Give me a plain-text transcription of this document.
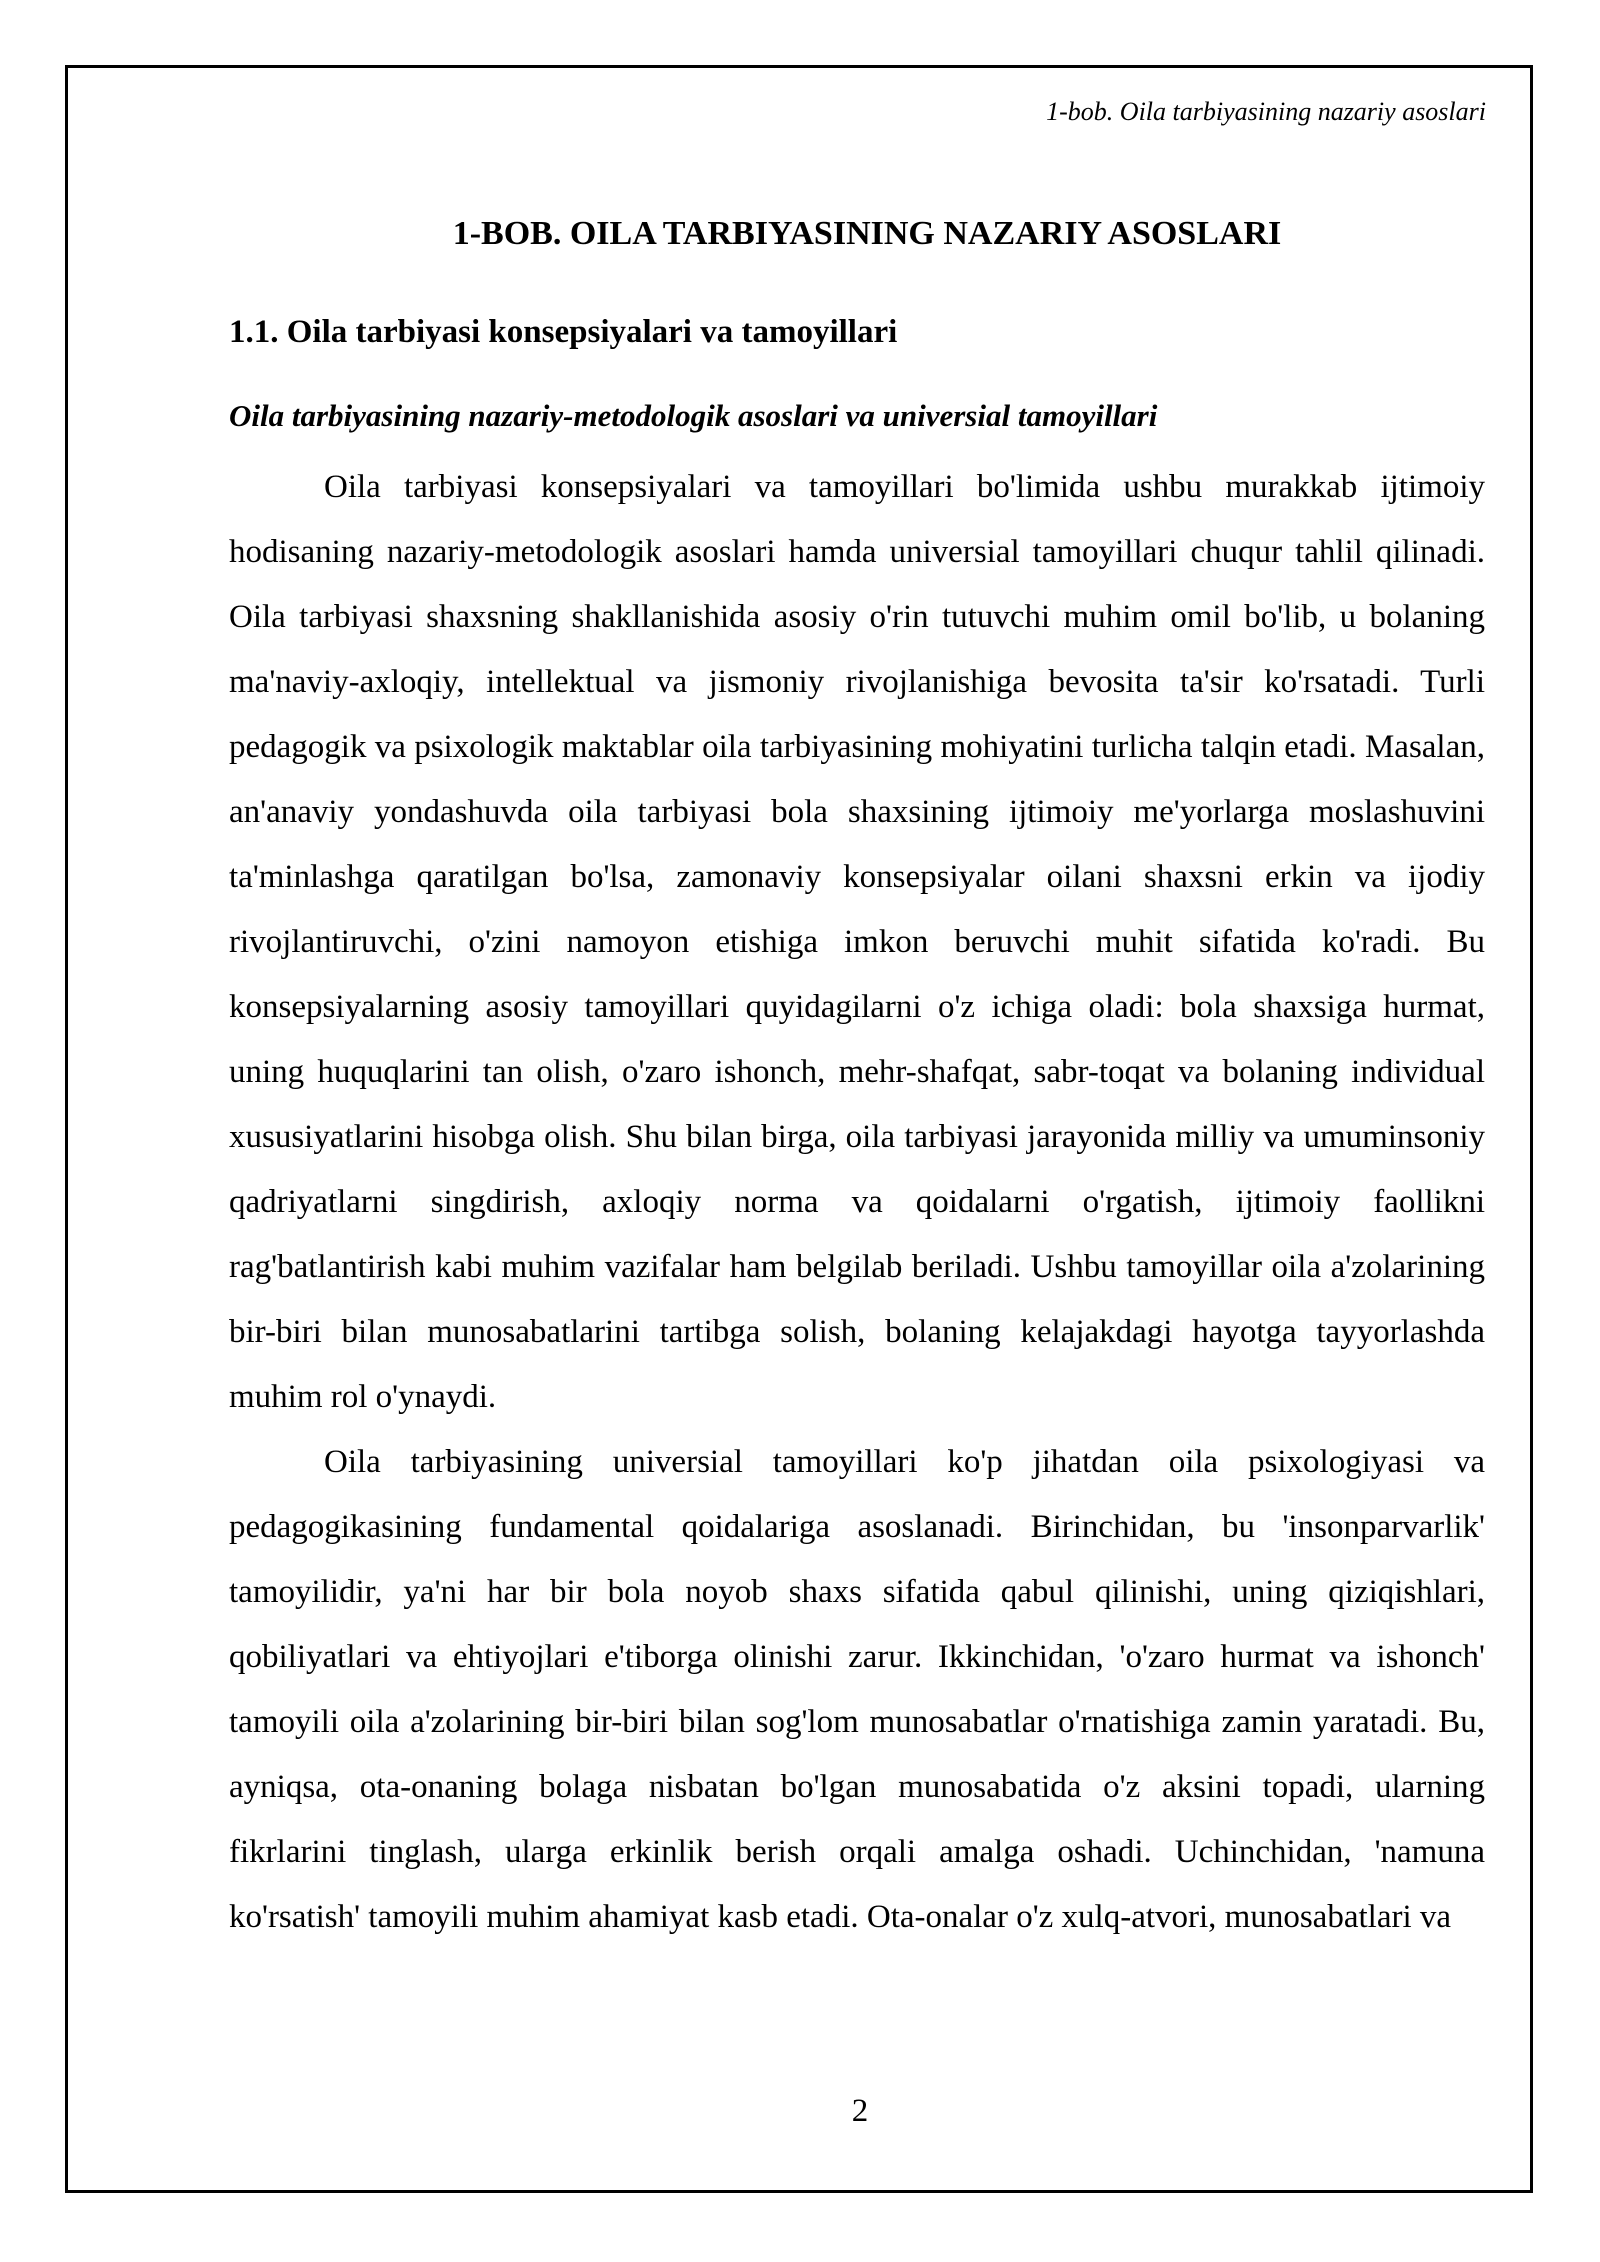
1-bob. Oila tarbiyasining nazariy asoslari
1-BOB. OILA TARBIYASINING NAZARIY ASOSLARI
1.1. Oila tarbiyasi konsepsiyalari va tamoyillari
Oila tarbiyasining nazariy-metodologik asoslari va universial tamoyillari

Oila tarbiyasi konsepsiyalari va tamoyillari bo'limida ushbu murakkab ijtimoiy hodisaning nazariy-metodologik asoslari hamda universial tamoyillari chuqur tahlil qilinadi. Oila tarbiyasi shaxsning shakllanishida asosiy o'rin tutuvchi muhim omil bo'lib, u bolaning ma'naviy-axloqiy, intellektual va jismoniy rivojlanishiga bevosita ta'sir ko'rsatadi. Turli pedagogik va psixologik maktablar oila tarbiyasining mohiyatini turlicha talqin etadi. Masalan, an'anaviy yondashuvda oila tarbiyasi bola shaxsining ijtimoiy me'yorlarga moslashuvini ta'minlashga qaratilgan bo'lsa, zamonaviy konsepsiyalar oilani shaxsni erkin va ijodiy rivojlantiruvchi, o'zini namoyon etishiga imkon beruvchi muhit sifatida ko'radi. Bu konsepsiyalarning asosiy tamoyillari quyidagilarni o'z ichiga oladi: bola shaxsiga hurmat, uning huquqlarini tan olish, o'zaro ishonch, mehr-shafqat, sabr-toqat va bolaning individual xususiyatlarini hisobga olish. Shu bilan birga, oila tarbiyasi jarayonida milliy va umuminsoniy qadriyatlarni singdirish, axloqiy norma va qoidalarni o'rgatish, ijtimoiy faollikni rag'batlantirish kabi muhim vazifalar ham belgilab beriladi. Ushbu tamoyillar oila a'zolarining bir-biri bilan munosabatlarini tartibga solish, bolaning kelajakdagi hayotga tayyorlashda muhim rol o'ynaydi.

Oila tarbiyasining universial tamoyillari ko'p jihatdan oila psixologiyasi va pedagogikasining fundamental qoidalariga asoslanadi. Birinchidan, bu 'insonparvarlik' tamoyilidir, ya'ni har bir bola noyob shaxs sifatida qabul qilinishi, uning qiziqishlari, qobiliyatlari va ehtiyojlari e'tiborga olinishi zarur. Ikkinchidan, 'o'zaro hurmat va ishonch' tamoyili oila a'zolarining bir-biri bilan sog'lom munosabatlar o'rnatishiga zamin yaratadi. Bu, ayniqsa, ota-onaning bolaga nisbatan bo'lgan munosabatida o'z aksini topadi, ularning fikrlarini tinglash, ularga erkinlik berish orqali amalga oshadi. Uchinchidan, 'namuna ko'rsatish' tamoyili muhim ahamiyat kasb etadi. Ota-onalar o'z xulq-atvori, munosabatlari va

2
